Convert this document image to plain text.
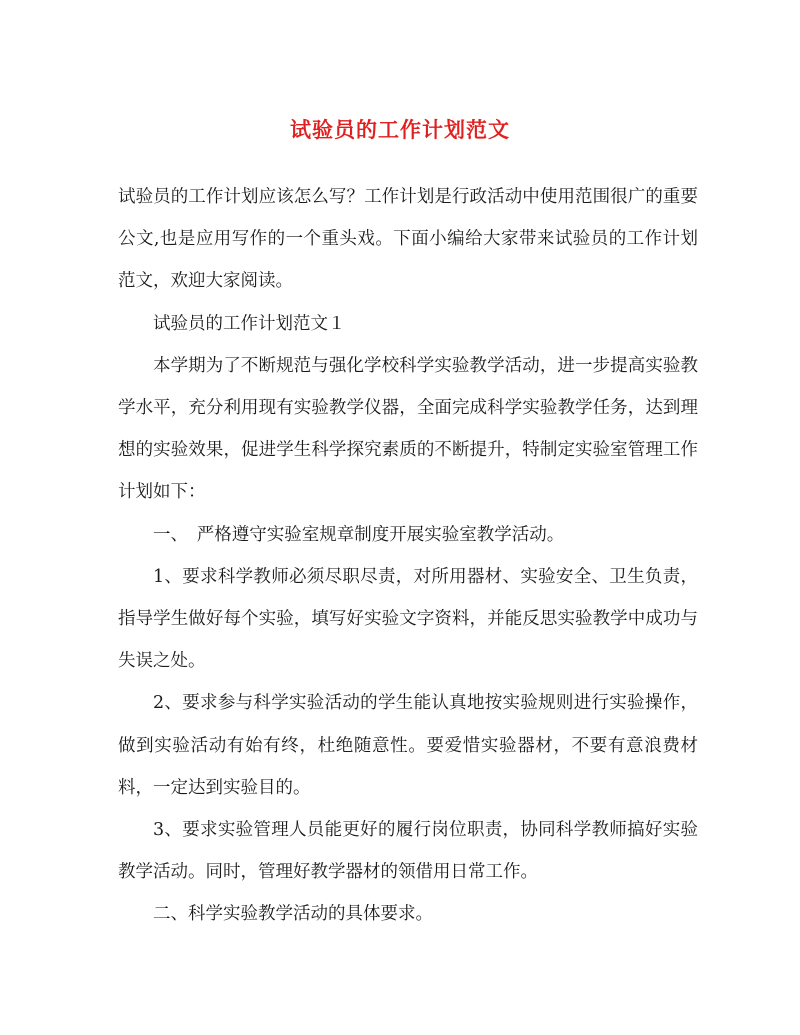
试验员的工作计划范文

试验员的工作计划应该怎么写？工作计划是行政活动中使用范围很广的重要公文,也是应用写作的一个重头戏。下面小编给大家带来试验员的工作计划范文，欢迎大家阅读。

试验员的工作计划范文１

本学期为了不断规范与强化学校科学实验教学活动，进一步提高实验教学水平，充分利用现有实验教学仪器，全面完成科学实验教学任务，达到理想的实验效果，促进学生科学探究素质的不断提升，特制定实验室管理工作计划如下：

一、　严格遵守实验室规章制度开展实验室教学活动。

1、要求科学教师必须尽职尽责，对所用器材、实验安全、卫生负责，指导学生做好每个实验，填写好实验文字资料，并能反思实验教学中成功与失误之处。

2、要求参与科学实验活动的学生能认真地按实验规则进行实验操作，做到实验活动有始有终，杜绝随意性。要爱惜实验器材，不要有意浪费材料，一定达到实验目的。

3、要求实验管理人员能更好的履行岗位职责，协同科学教师搞好实验教学活动。同时，管理好教学器材的领借用日常工作。

二、科学实验教学活动的具体要求。
